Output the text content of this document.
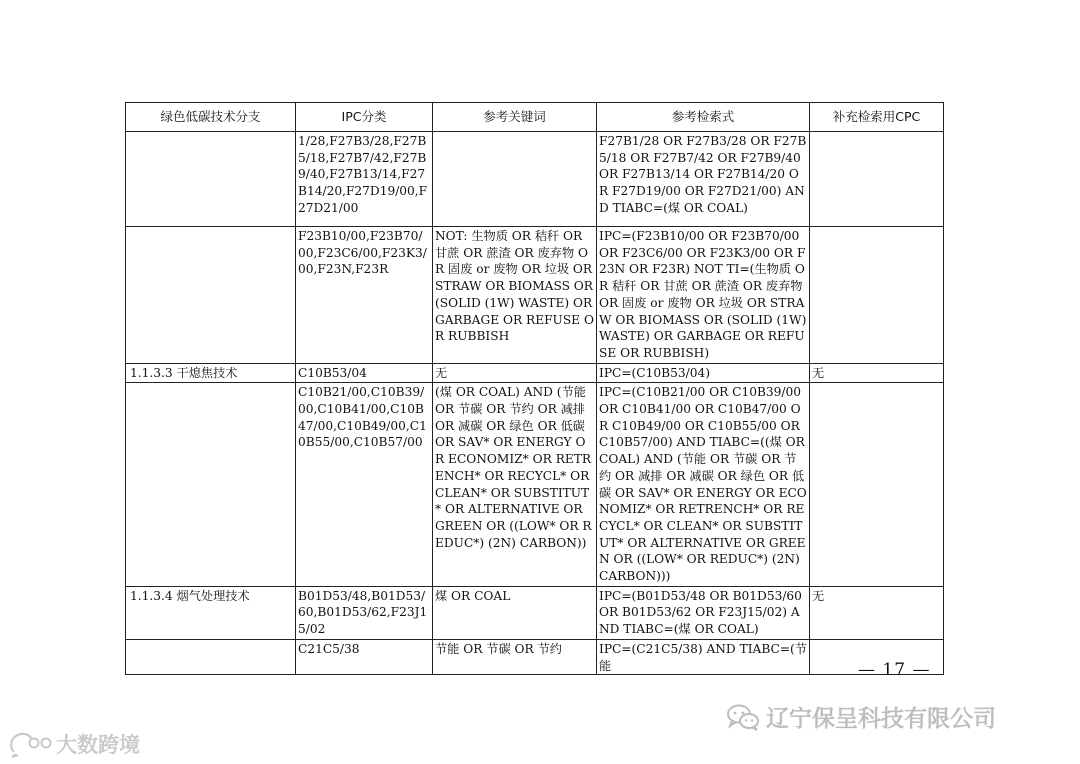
绿色低碳技术分支	IPC分类	参考关键词	参考检索式	补充检索用CPC
	1/28,F27B3/28,F27B5/18,F27B7/42,F27B9/40,F27B13/14,F27B14/20,F27D19/00,F27D21/00		F27B1/28 OR F27B3/28 OR F27B5/18 OR F27B7/42 OR F27B9/40 OR F27B13/14 OR F27B14/20 OR F27D19/00 OR F27D21/00) AND TIABC=(煤 OR COAL)	
	F23B10/00,F23B70/00,F23C6/00,F23K3/00,F23N,F23R	NOT: 生物质 OR 秸秆 OR 甘蔗 OR 蔗渣 OR 废弃物 OR 固废 or 废物 OR 垃圾 OR STRAW OR BIOMASS OR (SOLID (1W) WASTE) OR GARBAGE OR REFUSE OR RUBBISH	IPC=(F23B10/00 OR F23B70/00 OR F23C6/00 OR F23K3/00 OR F23N OR F23R) NOT TI=(生物质 OR 秸秆 OR 甘蔗 OR 蔗渣 OR 废弃物 OR 固废 or 废物 OR 垃圾 OR STRAW OR BIOMASS OR (SOLID (1W) WASTE) OR GARBAGE OR REFUSE OR RUBBISH)	
1.1.3.3 干熄焦技术	C10B53/04	无	IPC=(C10B53/04)	无
	C10B21/00,C10B39/00,C10B41/00,C10B47/00,C10B49/00,C10B55/00,C10B57/00	(煤 OR COAL) AND (节能 OR 节碳 OR 节约 OR 减排 OR 减碳 OR 绿色 OR 低碳 OR SAV* OR ENERGY OR ECONOMIZ* OR RETRENCH* OR RECYCL* OR CLEAN* OR SUBSTITUT* OR ALTERNATIVE OR GREEN OR ((LOW* OR REDUC*) (2N) CARBON))	IPC=(C10B21/00 OR C10B39/00 OR C10B41/00 OR C10B47/00 OR C10B49/00 OR C10B55/00 OR C10B57/00) AND TIABC=((煤 OR COAL) AND (节能 OR 节碳 OR 节约 OR 减排 OR 减碳 OR 绿色 OR 低碳 OR SAV* OR ENERGY OR ECONOMIZ* OR RETRENCH* OR RECYCL* OR CLEAN* OR SUBSTITUT* OR ALTERNATIVE OR GREEN OR ((LOW* OR REDUC*) (2N) CARBON)))	
1.1.3.4 烟气处理技术	B01D53/48,B01D53/60,B01D53/62,F23J15/02	煤 OR COAL	IPC=(B01D53/48 OR B01D53/60 OR B01D53/62 OR F23J15/02) AND TIABC=(煤 OR COAL)	无
	C21C5/38	节能 OR 节碳 OR 节约	IPC=(C21C5/38) AND TIABC=(节能		— 17 —
大数跨境
辽宁保呈科技有限公司
